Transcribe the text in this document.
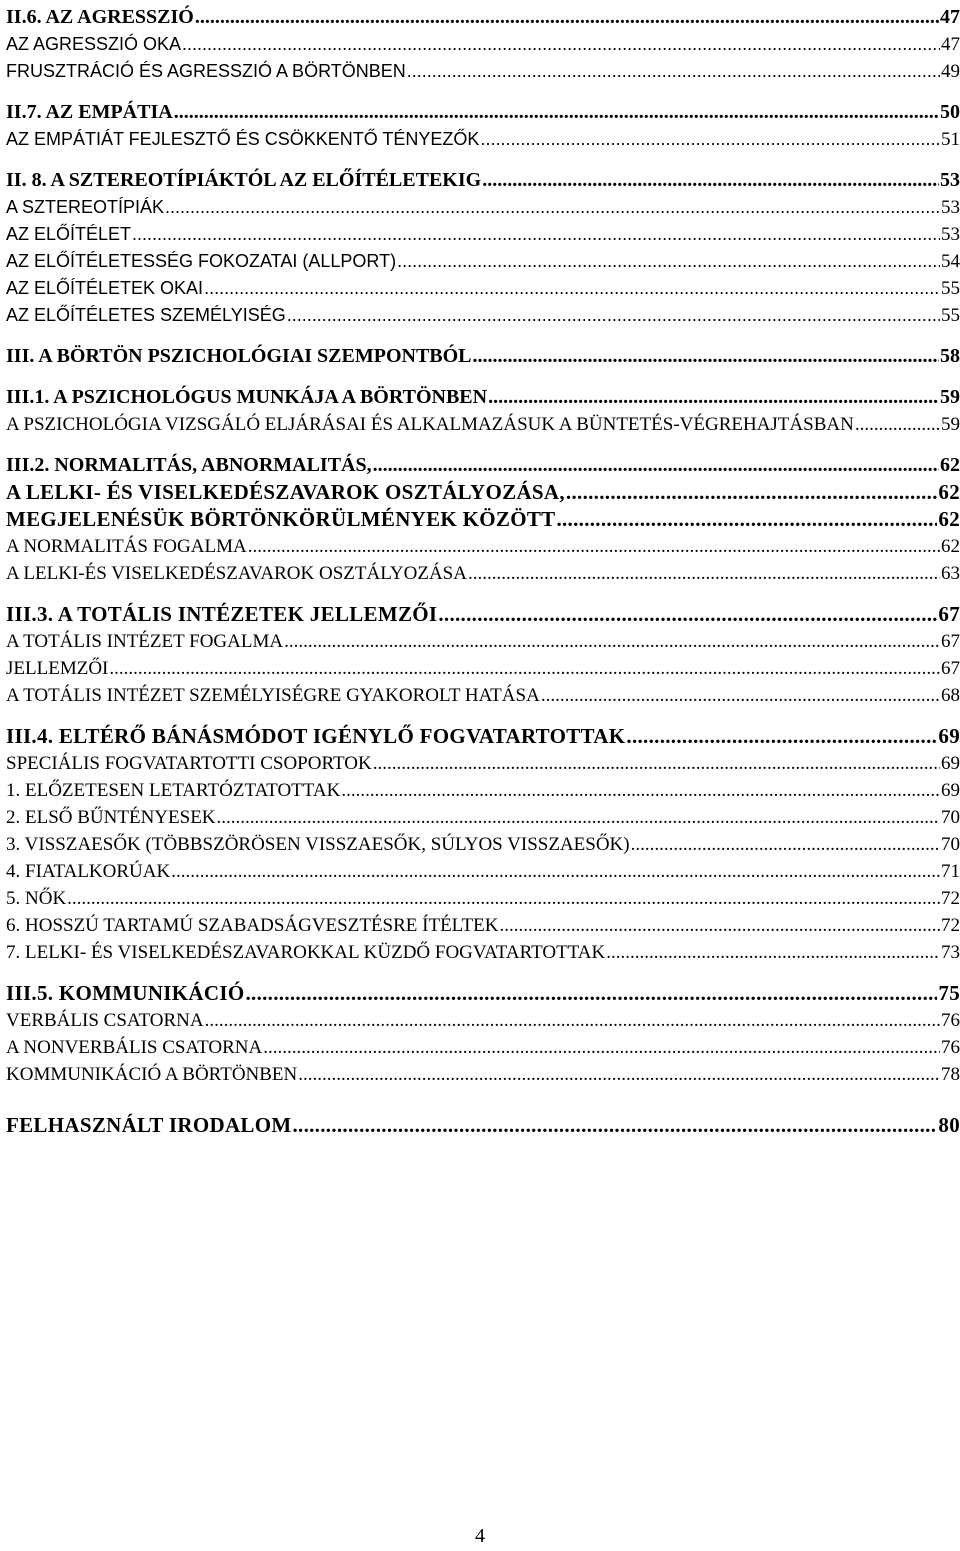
II.6. AZ AGRESSZIÓ .....	47
AZ AGRESSZIÓ OKA .....	47
FRUSZTRÁCIÓ ÉS AGRESSZIÓ A BÖRTÖNBEN .....	49
II.7. AZ EMPÁTIA .....	50
AZ EMPÁTIÁT FEJLESZTŐ ÉS CSÖKKENTŐ TÉNYEZŐK .....	51
II. 8. A SZTEREOTÍPIÁKTÓL AZ ELŐÍTÉLETEKIG .....	53
A SZTEREOTÍPIÁK .....	53
AZ ELŐÍTÉLET .....	53
AZ ELŐÍTÉLETESSÉG FOKOZATAI (ALLPORT) .....	54
AZ ELŐÍTÉLETEK OKAI .....	55
AZ ELŐÍTÉLETES SZEMÉLYISÉG .....	55
III. A BÖRTÖN PSZICHOLÓGIAI SZEMPONTBÓL .....	58
III.1. A PSZICHOLÓGUS MUNKÁJA A BÖRTÖNBEN .....	59
A PSZICHOLÓGIA VIZSGÁLÓ ELJÁRÁSAI ÉS ALKALMAZÁSUK A BÜNTETÉS-VÉGREHAJTÁSBAN .....	59
III.2. NORMALITÁS, ABNORMALITÁS, .....	62
A LELKI- ÉS VISELKEDÉSZAVAROK OSZTÁLYOZÁSA, .....	62
MEGJELENÉSÜK BÖRTÖNKÖRÜLMÉNYEK KÖZÖTT .....	62
A NORMALITÁS FOGALMA .....	62
A LELKI-ÉS VISELKEDÉSZAVAROK OSZTÁLYOZÁSA .....	63
III.3. A TOTÁLIS INTÉZETEK JELLEMZŐI .....	67
A TOTÁLIS INTÉZET FOGALMA .....	67
JELLEMZŐI .....	67
A TOTÁLIS INTÉZET SZEMÉLYISÉGRE GYAKOROLT HATÁSA .....	68
III.4. ELTÉRŐ BÁNÁSMÓDOT IGÉNYLŐ FOGVATARTOTTAK .....	69
SPECIÁLIS FOGVATARTOTTI CSOPORTOK .....	69
1. ELŐZETESEN LETARTÓZTATOTTAK .....	69
2. ELSŐ BŰNTÉNYESEK .....	70
3. VISSZAESŐK (TÖBBSZÖRÖSEN VISSZAESŐK, SÚLYOS VISSZAESŐK) .....	70
4. FIATALKORÚAK .....	71
5. NŐK .....	72
6. HOSSZÚ TARTAMÚ SZABADSÁGVESZTÉSRE ÍTÉLTEK .....	72
7. LELKI- ÉS VISELKEDÉSZAVAROKKAL KÜZDŐ FOGVATARTOTTAK .....	73
III.5. KOMMUNIKÁCIÓ .....	75
VERBÁLIS CSATORNA .....	76
A NONVERBÁLIS CSATORNA .....	76
KOMMUNIKÁCIÓ A BÖRTÖNBEN .....	78
FELHASZNÁLT IRODALOM .....	80
4
